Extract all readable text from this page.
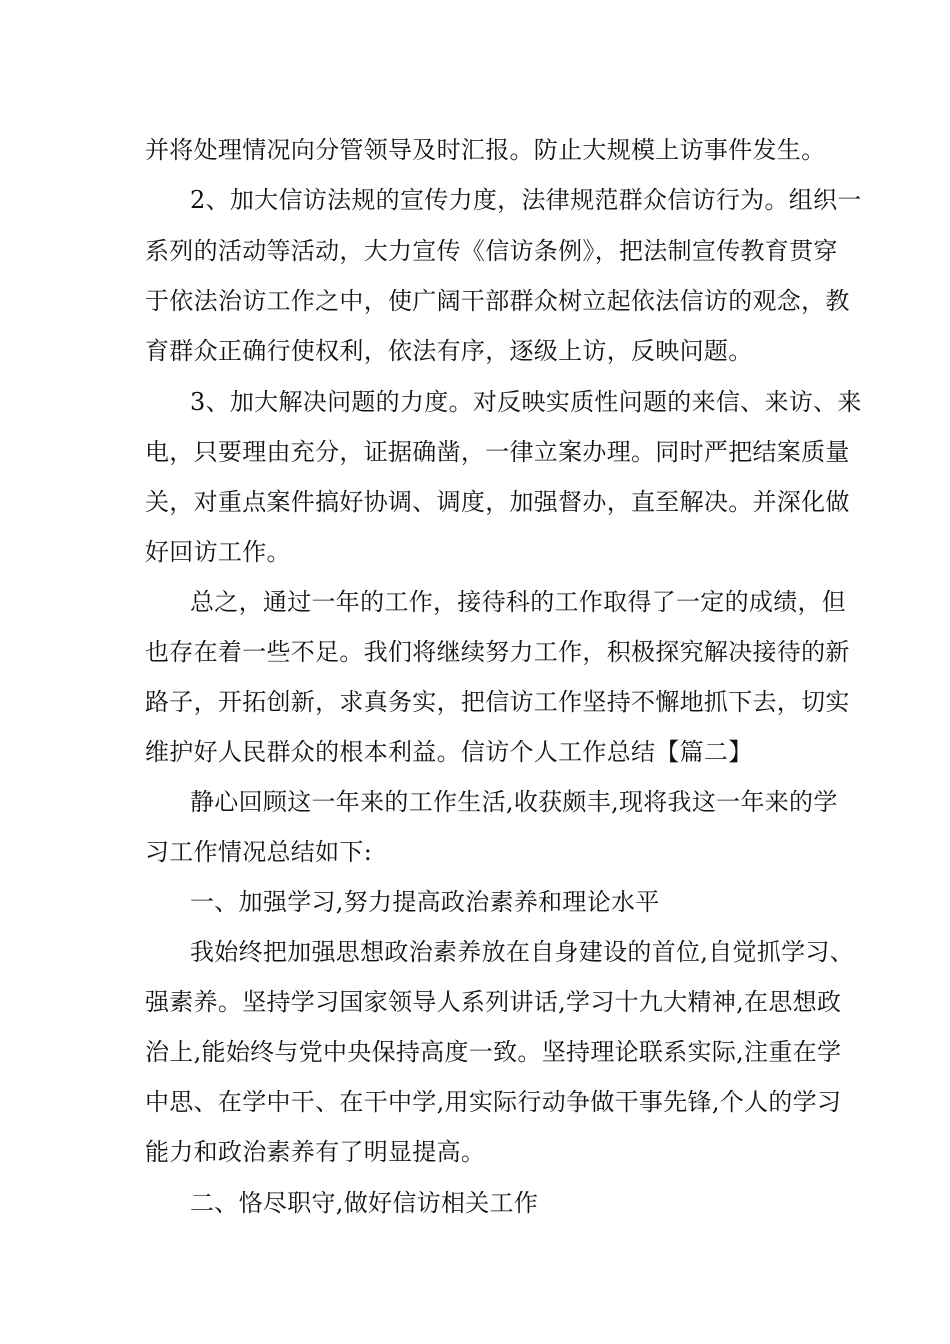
并将处理情况向分管领导及时汇报。防止大规模上访事件发生。
2、加大信访法规的宣传力度，法律规范群众信访行为。组织一
系列的活动等活动，大力宣传《信访条例》，把法制宣传教育贯穿
于依法治访工作之中，使广阔干部群众树立起依法信访的观念，教
育群众正确行使权利，依法有序，逐级上访，反映问题。
3、加大解决问题的力度。对反映实质性问题的来信、来访、来
电，只要理由充分，证据确凿，一律立案办理。同时严把结案质量
关，对重点案件搞好协调、调度，加强督办，直至解决。并深化做
好回访工作。
总之，通过一年的工作，接待科的工作取得了一定的成绩，但
也存在着一些不足。我们将继续努力工作，积极探究解决接待的新
路子，开拓创新，求真务实，把信访工作坚持不懈地抓下去，切实
维护好人民群众的根本利益。信访个人工作总结【篇二】
静心回顾这一年来的工作生活,收获颇丰,现将我这一年来的学
习工作情况总结如下:
一、加强学习,努力提高政治素养和理论水平
我始终把加强思想政治素养放在自身建设的首位,自觉抓学习、
强素养。坚持学习国家领导人系列讲话,学习十九大精神,在思想政
治上,能始终与党中央保持高度一致。坚持理论联系实际,注重在学
中思、在学中干、在干中学,用实际行动争做干事先锋,个人的学习
能力和政治素养有了明显提高。
二、恪尽职守,做好信访相关工作
